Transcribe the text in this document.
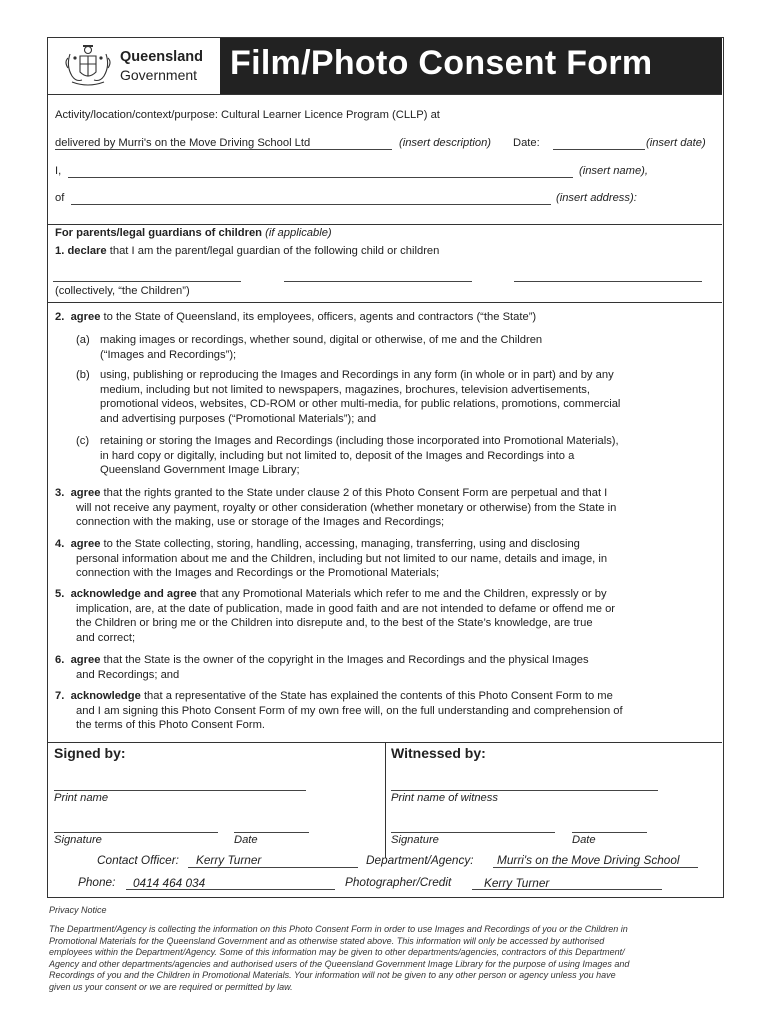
Queensland
Government Film/Photo Consent Form
Activity/location/context/purpose: Cultural Learner Licence Program (CLLP) at
delivered by Murri's on the Move Driving School Ltd	(insert description) Date:	(insert date)
I,	(insert name),
of	(insert address):
For parents/legal guardians of children (if applicable)
1. declare that I am the parent/legal guardian of the following child or children
(collectively, “the Children”)
2. agree to the State of Queensland, its employees, officers, agents and contractors (“the State”)
(a) making images or recordings, whether sound, digital or otherwise, of me and the Children
(“Images and Recordings”);
(b) using, publishing or reproducing the Images and Recordings in any form (in whole or in part) and by any
medium, including but not limited to newspapers, magazines, brochures, television advertisements,
promotional videos, websites, CD-ROM or other multi-media, for public relations, promotions, commercial
and advertising purposes (“Promotional Materials”); and
(c) retaining or storing the Images and Recordings (including those incorporated into Promotional Materials),
in hard copy or digitally, including but not limited to, deposit of the Images and Recordings into a
Queensland Government Image Library;
3. agree that the rights granted to the State under clause 2 of this Photo Consent Form are perpetual and that I
will not receive any payment, royalty or other consideration (whether monetary or otherwise) from the State in
connection with the making, use or storage of the Images and Recordings;
4. agree to the State collecting, storing, handling, accessing, managing, transferring, using and disclosing
personal information about me and the Children, including but not limited to our name, details and image, in
connection with the Images and Recordings or the Promotional Materials;
5. acknowledge and agree that any Promotional Materials which refer to me and the Children, expressly or by
implication, are, at the date of publication, made in good faith and are not intended to defame or offend me or
the Children or bring me or the Children into disrepute and, to the best of the State’s knowledge, are true
and correct;
6. agree that the State is the owner of the copyright in the Images and Recordings and the physical Images
and Recordings; and
7. acknowledge that a representative of the State has explained the contents of this Photo Consent Form to me
and I am signing this Photo Consent Form of my own free will, on the full understanding and comprehension of
the terms of this Photo Consent Form.
Signed by:	Witnessed by:
Print name	Print name of witness
Signature	Date	Signature	Date
Contact Officer: Kerry Turner	Department/Agency: Murri's on the Move Driving School
Phone: 0414 464 034	Photographer/Credit	Kerry Turner
Privacy Notice
The Department/Agency is collecting the information on this Photo Consent Form in order to use Images and Recordings of you or the Children in
Promotional Materials for the Queensland Government and as otherwise stated above. This information will only be accessed by authorised
employees within the Department/Agency. Some of this information may be given to other departments/agencies, contractors of this Department/
Agency and other departments/agencies and authorised users of the Queensland Government Image Library for the purpose of using Images and
Recordings of you and the Children in Promotional Materials. Your information will not be given to any other person or agency unless you have
given us your consent or we are required or permitted by law.
